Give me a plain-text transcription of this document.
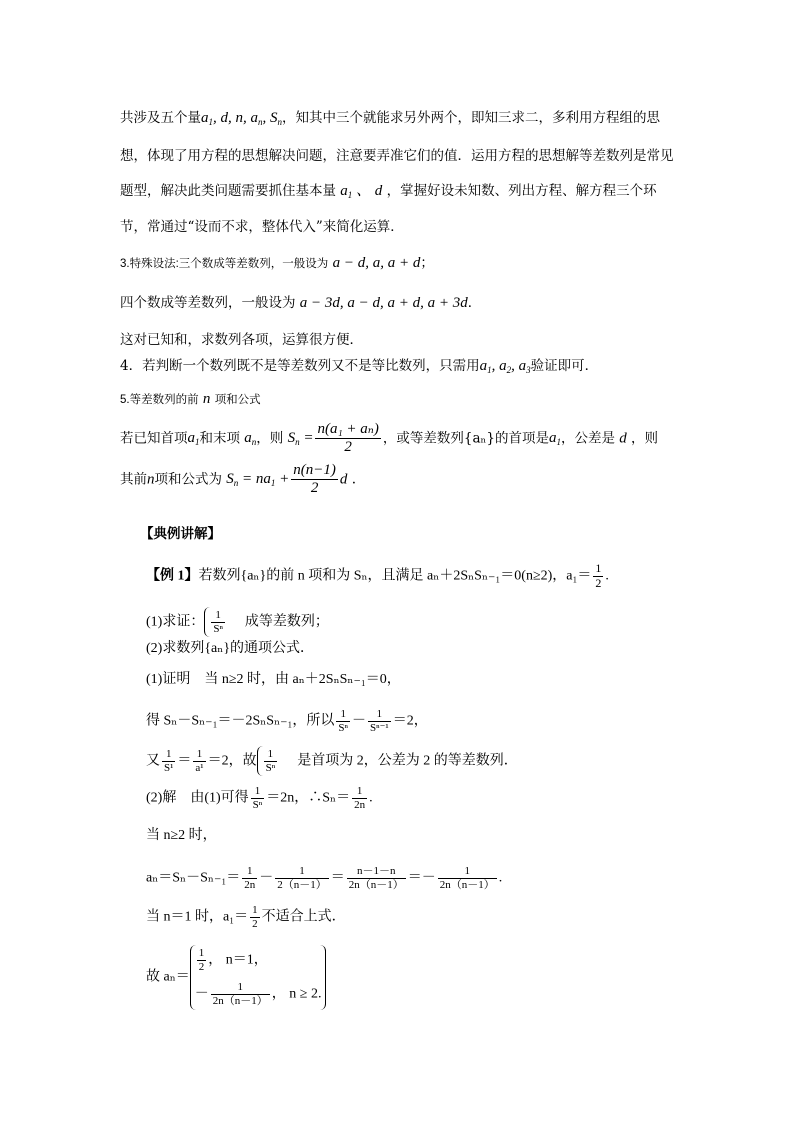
共涉及五个量$a_1$, d, n, $a_n$, $S_n$，知其中三个就能求另外两个，即知三求二，多利用方程组的思
想，体现了用方程的思想解决问题，注意要弄准它们的值．运用方程的思想解等差数列是常见
题型，解决此类问题需要抓住基本量 $a_1$ 、 d ，掌握好设未知数、列出方程、解方程三个环
节，常通过“设而不求，整体代入”来简化运算．
3.特殊设法:三个数成等差数列，一般设为 a − d, a, a + d；
四个数成等差数列，一般设为 a − 3d, a − d, a + d, a + 3d．
这对已知和，求数列各项，运算很方便．
4．若判断一个数列既不是等差数列又不是等比数列，只需用$a_1$, $a_2$, $a_3$验证即可．
5.等差数列的前 n 项和公式
若已知首项$a_1$和末项 $a_n$，则 $S_n = \frac{\text{n(a₁ + aₙ)}}{2}$ ，或等差数列{aₙ}的首项是$a_1$，公差是 d ，则
其前n项和公式为 $S_n = na_1 + \frac{n(n-1)}{2}$ d .
【典例讲解】
【例 1】若数列{aₙ}的前 n 项和为 Sₙ，且满足 aₙ＋2SₙSₙ₋₁＝0(n≥2)，$a_1= \frac{1}{2}$ .
(1)求证： $\frac{1}{\text{Sⁿ}}$ 成等差数列；
(2)求数列{aₙ}的通项公式．
(1)证明　当 n≥2 时，由 aₙ＋2SₙSₙ₋₁＝0，
得 Sₙ－Sₙ₋₁＝－2SₙSₙ₋₁，所以 $\frac{1}{\text{Sⁿ}} - \frac{1}{\text{Sⁿ⁻¹}} =2$，
又 $\frac{1}{\text{S¹}} = \frac{1}{\text{a¹}} =2$，故 $\frac{1}{\text{Sⁿ}}$ 是首项为 2，公差为 2 的等差数列．
(2)解　由(1)可得 $\frac{1}{\text{Sⁿ}} =2n$，∴Sₙ＝ $\frac{1}{2n}$ .
当 n≥2 时，
$a_n=S_n-S_{n-1}= \frac{1}{2n} - \frac{1}{2(n-1)} = \frac{n-1-n}{2n(n-1)} =- \frac{1}{2n(n-1)}$ .
当 n＝1 时，$a_1= \frac{1}{2}$ 不适合上式．
故 aₙ＝
$\frac{1}{2}$ ， n＝1，
－ $\frac{1}{2n(n-1)}$ ， n ≥ 2.
